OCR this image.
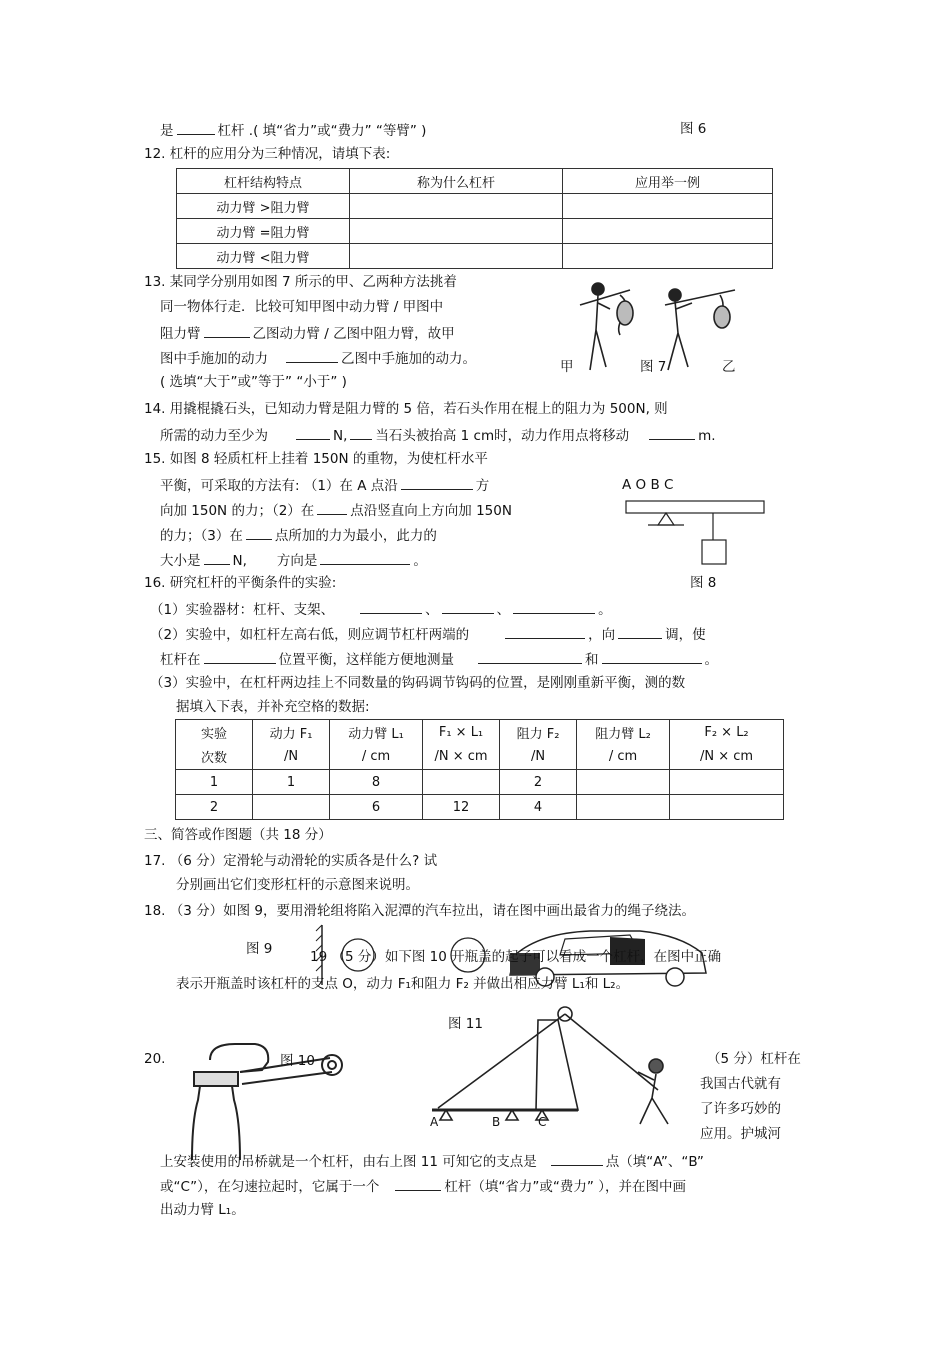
是	杠杆 .( 填“省力”或“费力” “等臂” )	图 6
12. 杠杆的应用分为三种情况，请填下表:
杠杆结构特点	称为什么杠杆	应用举一例
动力臂 >阻力臂		
动力臂 =阻力臂		
动力臂 <阻力臂		
13. 某同学分别用如图 7 所示的甲、乙两种方法挑着
同一物体行走．比较可知甲图中动力臂 / 甲图中
阻力臂	乙图动力臂 / 乙图中阻力臂，故甲
图中手施加的动力	乙图中手施加的动力。
( 选填“大于”或”等于” “小于” )
甲	图 7	乙
14. 用撬棍撬石头，已知动力臂是阻力臂的 5 倍，若石头作用在棍上的阻力为 500N, 则
所需的动力至少为	N, 当石头被抬高 1 cm时，动力作用点将移动	m.
15. 如图 8 轻质杠杆上挂着 150N 的重物，为使杠杆水平
平衡，可采取的方法有: （1）在 A 点沿	方
向加 150N 的力；（2）在	点沿竖直向上方向加 150N
的力；（3）在 点所加的力为最小，此力的
大小是 N, 方向是	。
A O B C
16. 研究杠杆的平衡条件的实验:	图 8
（1）实验器材：杠杆、支架、	、	、	。
（2）实验中，如杠杆左高右低，则应调节杠杆两端的	，向	调，使
杠杆在	位置平衡，这样能方便地测量	和	。
（3）实验中，在杠杆两边挂上不同数量的钩码调节钩码的位置，是刚刚重新平衡，测的数
据填入下表，并补充空格的数据:
实验	动力 F₁	动力臂 L₁	F₁ × L₁	阻力 F₂	阻力臂 L₂	F₂ × L₂
次数	/N	/ cm	/N × cm	/N	/ cm	/N × cm
1	1	8		2		
2		6	12	4		
三、简答或作图题（共 18 分）
17. （6 分）定滑轮与动滑轮的实质各是什么? 试
分别画出它们变形杠杆的示意图来说明。
18. （3 分）如图 9，要用滑轮组将陷入泥潭的汽车拉出，请在图中画出最省力的绳子绕法。
图 9	19 （5 分）如下图 10 开瓶盖的起子可以看成一个杠杆，在图中正确
表示开瓶盖时该杠杆的支点 O，动力 F₁和阻力 F₂ 并做出相应力臂 L₁和 L₂。
图 11
20.	图 10
A	B	C
（5 分）杠杆在
我国古代就有
了许多巧妙的
应用。护城河
上安装使用的吊桥就是一个杠杆，由右上图 11 可知它的支点是	点（填“A”、“B”
或“C”），在匀速拉起时，它属于一个	杠杆（填“省力”或“费力” ），并在图中画
出动力臂 L₁。
